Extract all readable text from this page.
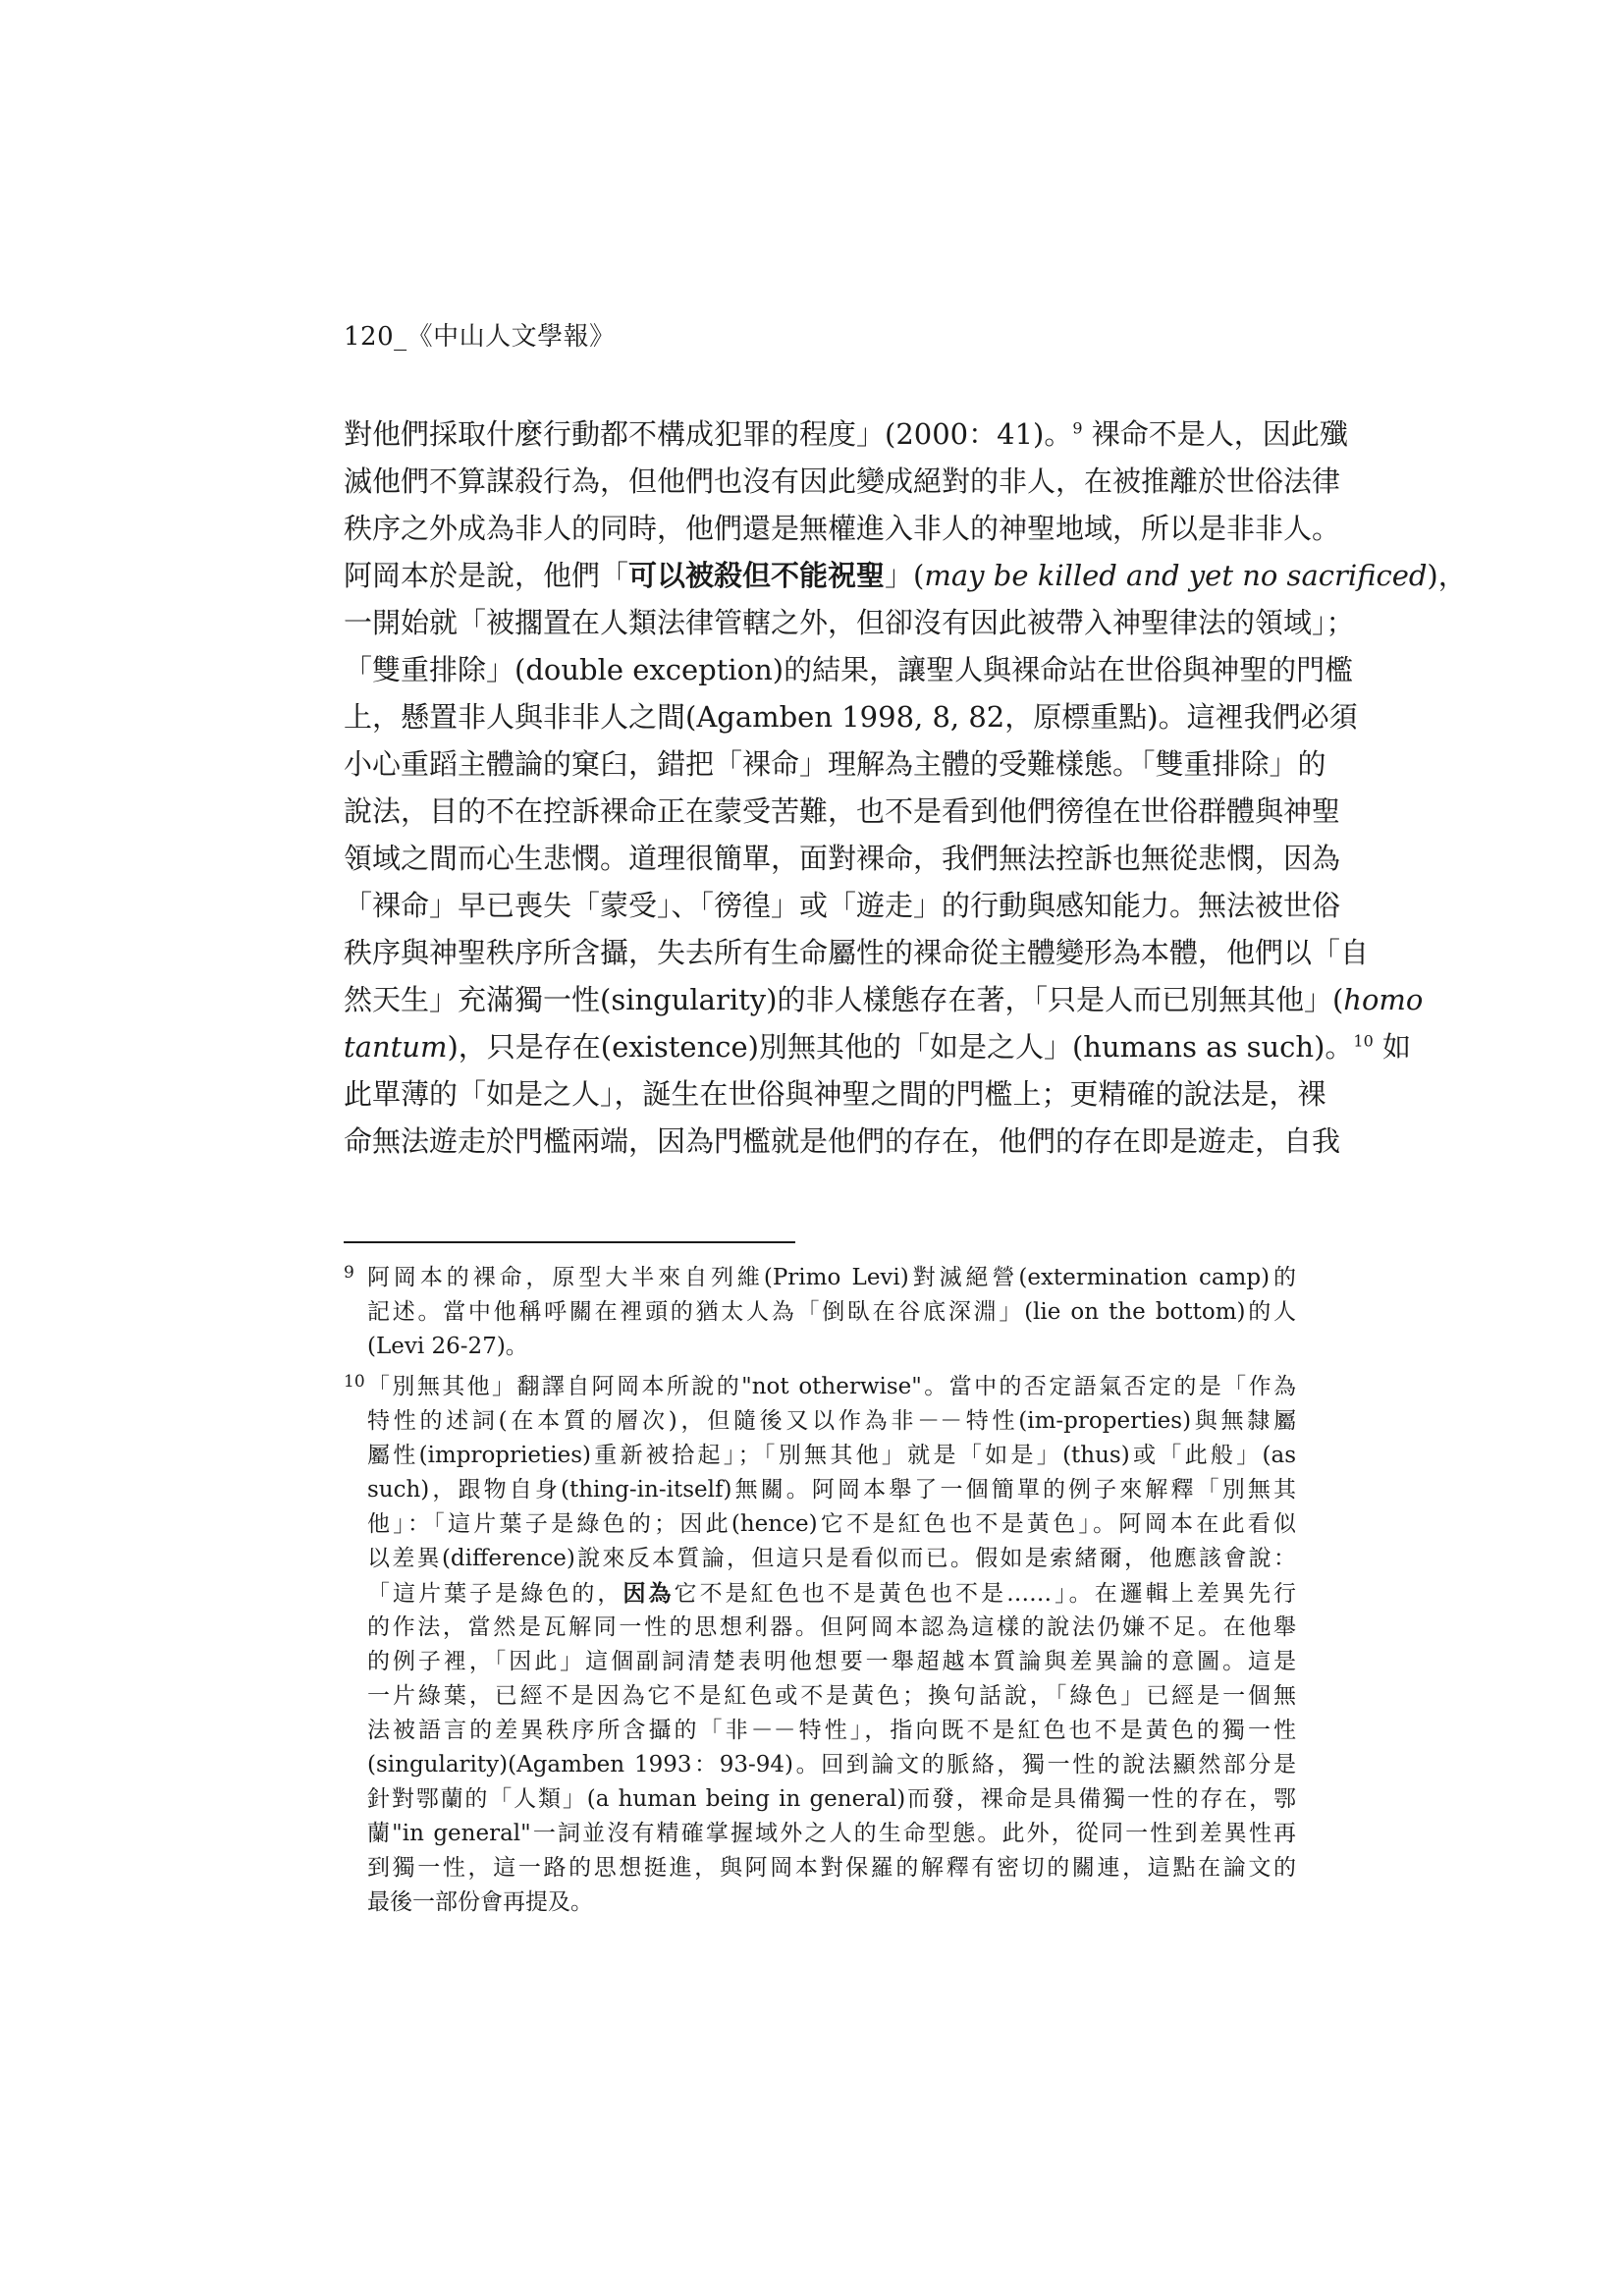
120_《中山人文學報》
對他們採取什麼行動都不構成犯罪的程度」(2000：41)。$^9$ 裸命不是人，因此殲
滅他們不算謀殺行為，但他們也沒有因此變成絕對的非人，在被推離於世俗法律
秩序之外成為非人的同時，他們還是無權進入非人的神聖地域，所以是非非人。
阿岡本於是說，他們「可以被殺但不能祝聖」(may be killed and yet no sacrificed)，
一開始就「被擱置在人類法律管轄之外，但卻沒有因此被帶入神聖律法的領域」；
「雙重排除」(double exception)的結果，讓聖人與裸命站在世俗與神聖的門檻
上，懸置非人與非非人之間(Agamben 1998, 8, 82，原標重點)。這裡我們必須
小心重蹈主體論的窠臼，錯把「裸命」理解為主體的受難樣態。「雙重排除」的
說法，目的不在控訴裸命正在蒙受苦難，也不是看到他們徬徨在世俗群體與神聖
領域之間而心生悲憫。道理很簡單，面對裸命，我們無法控訴也無從悲憫，因為
「裸命」早已喪失「蒙受」、「徬徨」或「遊走」的行動與感知能力。無法被世俗
秩序與神聖秩序所含攝，失去所有生命屬性的裸命從主體變形為本體，他們以「自
然天生」充滿獨一性(singularity)的非人樣態存在著，「只是人而已別無其他」(homo
tantum)，只是存在(existence)別無其他的「如是之人」(humans as such)。$^{10}$ 如
此單薄的「如是之人」，誕生在世俗與神聖之間的門檻上；更精確的說法是，裸
命無法遊走於門檻兩端，因為門檻就是他們的存在，他們的存在即是遊走，自我
9 阿岡本的裸命，原型大半來自列維(Primo Levi)對滅絕營(extermination camp)的
記述。當中他稱呼關在裡頭的猶太人為「倒臥在谷底深淵」(lie on the bottom)的人
(Levi 26-27)。
10 「別無其他」翻譯自阿岡本所說的"not otherwise"。當中的否定語氣否定的是「作為
特性的述詞(在本質的層次)，但隨後又以作為非－－特性(im-properties)與無隸屬
屬性(improprieties)重新被拾起」；「別無其他」就是「如是」(thus)或「此般」(as
such)，跟物自身(thing-in-itself)無關。阿岡本舉了一個簡單的例子來解釋「別無其
他」：「這片葉子是綠色的；因此(hence)它不是紅色也不是黃色」。阿岡本在此看似
以差異(difference)說來反本質論，但這只是看似而已。假如是索緒爾，他應該會說：
「這片葉子是綠色的，因為它不是紅色也不是黃色也不是……」。在邏輯上差異先行
的作法，當然是瓦解同一性的思想利器。但阿岡本認為這樣的說法仍嫌不足。在他舉
的例子裡，「因此」這個副詞清楚表明他想要一舉超越本質論與差異論的意圖。這是
一片綠葉，已經不是因為它不是紅色或不是黃色；換句話說，「綠色」已經是一個無
法被語言的差異秩序所含攝的「非－－特性」，指向既不是紅色也不是黃色的獨一性
(singularity)(Agamben 1993：93-94)。回到論文的脈絡，獨一性的說法顯然部分是
針對鄂蘭的「人類」(a human being in general)而發，裸命是具備獨一性的存在，鄂
蘭"in general"一詞並沒有精確掌握域外之人的生命型態。此外，從同一性到差異性再
到獨一性，這一路的思想挺進，與阿岡本對保羅的解釋有密切的關連，這點在論文的
最後一部份會再提及。
